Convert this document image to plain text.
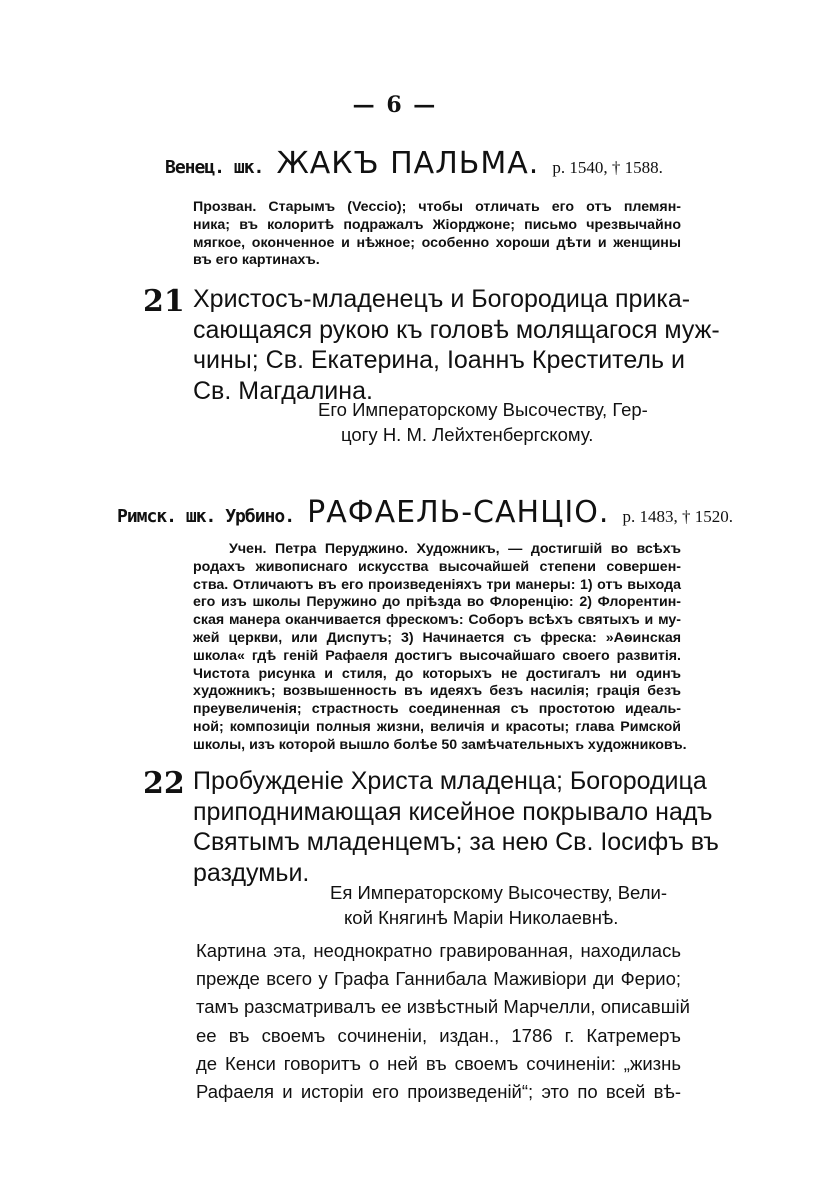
— 6 —
Венец. шк. ЖАКЪ ПАЛЬМА. р. 1540, † 1588.
Прозван. Старымъ (Veccio); чтобы отличать его отъ племян-
ника; въ колоритѣ подражалъ Жіорджоне; письмо чрезвычайно
мягкое, оконченное и нѣжное; особенно хороши дѣти и женщины
въ его картинахъ.
21 Христосъ-младенецъ и Богородица прика-
сающаяся рукою къ головѣ молящагося муж-
чины; Св. Екатерина, Іоаннъ Креститель и
Св. Магдалина.
Его Императорскому Высочеству, Гер-
цогу Н. М. Лейхтенбергскому.
Римск. шк. Урбино. РАФАЕЛЬ-САНЦІО. р. 1483, † 1520.
Учен. Петра Перуджино. Художникъ, — достигшій во всѣхъ
родахъ живописнаго искусства высочайшей степени совершен-
ства. Отличаютъ въ его произведеніяхъ три манеры: 1) отъ выхода
его изъ школы Перужино до прiѣзда во Флоренцію: 2) Флорентин-
ская манера оканчивается фрескомъ: Соборъ всѣхъ святыхъ и му-
жей церкви, или Диспутъ; 3) Начинается съ фреска: »Аѳинская
школа« гдѣ геній Рафаеля достигъ высочайшаго своего развитія.
Чистота рисунка и стиля, до которыхъ не достигалъ ни одинъ
художникъ; возвышенность въ идеяхъ безъ насилія; грація безъ
преувеличенія; страстность соединенная съ простотою идеаль-
ной; композиціи полныя жизни, величія и красоты; глава Римской
школы, изъ которой вышло болѣе 50 замѣчательныхъ художниковъ.
22 Пробужденіе Христа младенца; Богородица
приподнимающая кисейное покрывало надъ
Святымъ младенцемъ; за нею Св. Іосифъ въ
раздумьи.
Ея Императорскому Высочеству, Вели-
кой Княгинѣ Маріи Николаевнѣ.
Картина эта, неоднократно гравированная, находилась
прежде всего у Графа Ганнибала Маживіори ди Ферио;
тамъ разсматривалъ ее извѣстный Марчелли, описавшій
ее въ своемъ сочиненіи, издан., 1786 г. Катремеръ
де Кенси говоритъ о ней въ своемъ сочиненіи: „жизнь
Рафаеля и исторіи его произведеній“; это по всей вѣ-
